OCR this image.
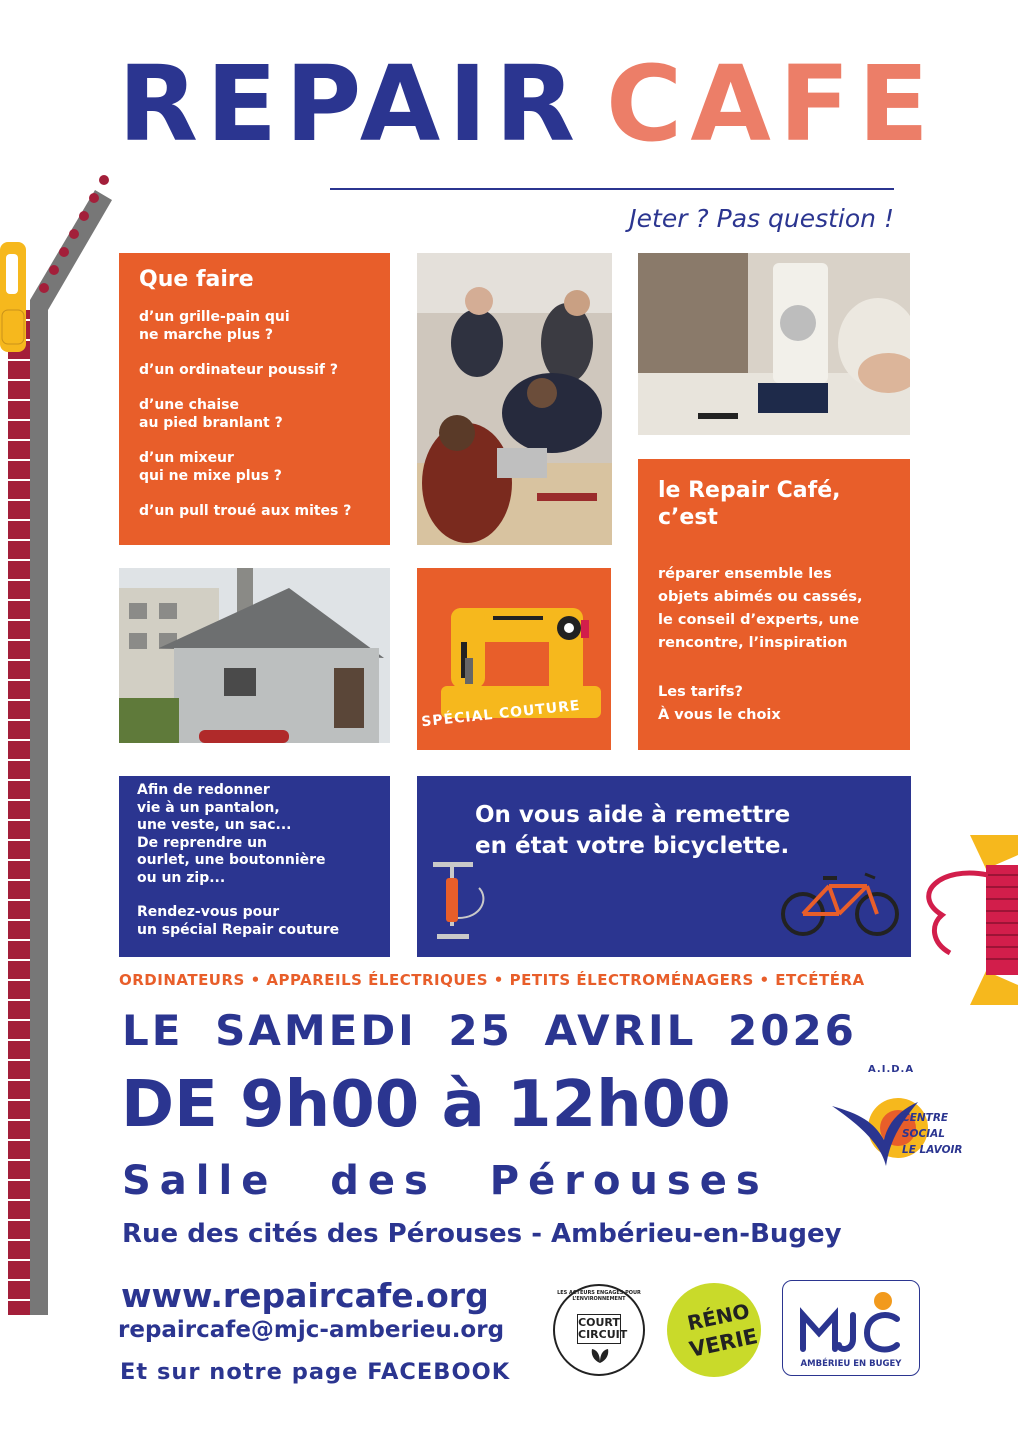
REPAIR CAFE
Jeter ? Pas question !
Que faire
d’un grille-pain qui
ne marche plus ?
d’un ordinateur poussif ?
d’une chaise
au pied branlant ?
d’un mixeur
qui ne mixe plus ?
d’un pull troué aux mites ?
le Repair Café,
c’est
réparer ensemble les
objets abimés ou cassés,
le conseil d’experts, une
rencontre, l’inspiration
Les tarifs?
À vous le choix
SPÉCIAL COUTURE
Afin de redonner
vie à un pantalon,
une veste, un sac...
De reprendre un
ourlet, une boutonnière
ou un zip...
Rendez-vous pour
un spécial Repair couture
On vous aide à remettre
en état votre bicyclette.
ORDINATEURS • APPAREILS ÉLECTRIQUES • PETITS ÉLECTROMÉNAGERS • ETCÉTÉRA
LE SAMEDI 25 AVRIL 2026
DE 9h00 à 12h00
Salle des Pérouses
Rue des cités des Pérouses - Ambérieu-en-Bugey
www.repaircafe.org
repaircafe@mjc-amberieu.org
Et sur notre page FACEBOOK
A.I.D.A
CENTRE
SOCIAL
LE LAVOIR
LES ACTEURS ENGAGÉS POUR L’ENVIRONNEMENT
COURT
CIRCUIT	RÉNO
VERIE
AMBÉRIEU EN BUGEY
